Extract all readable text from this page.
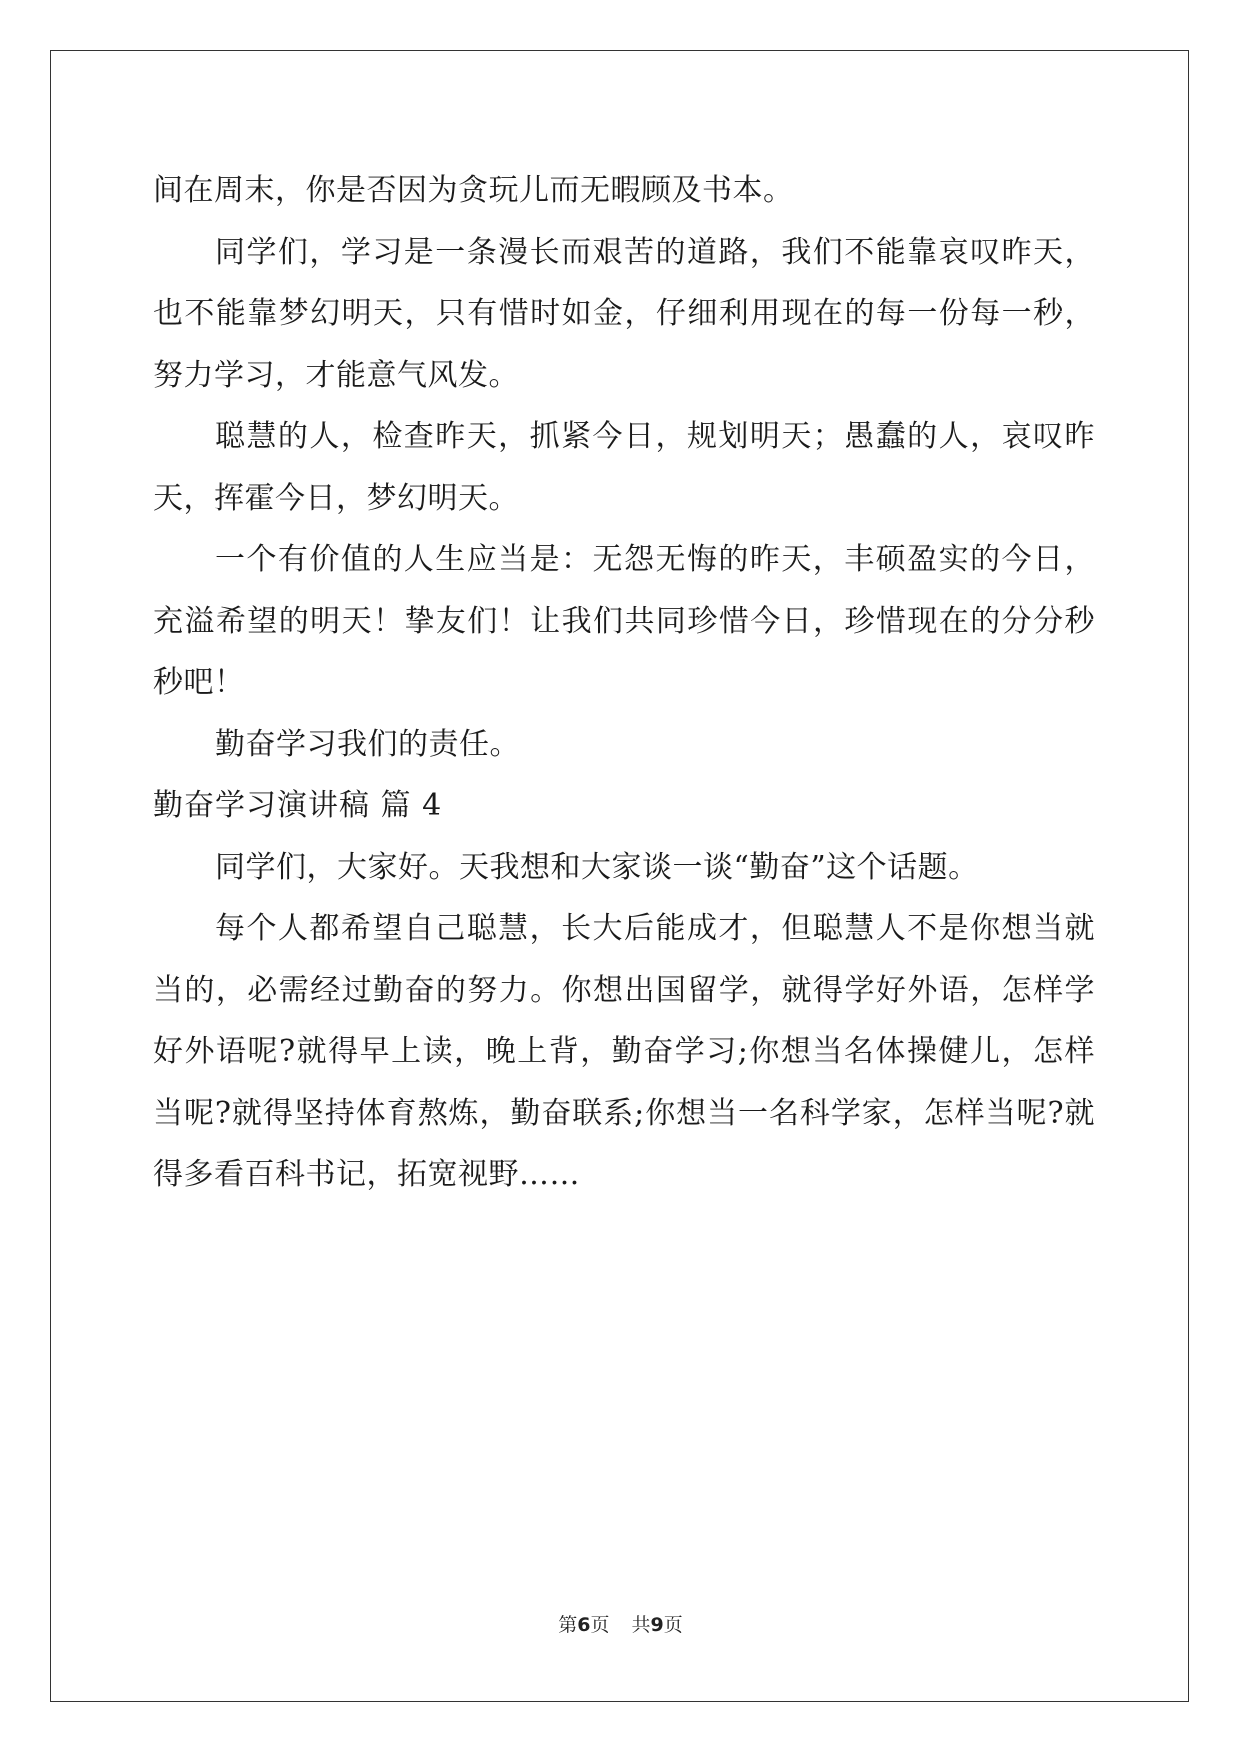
间在周末，你是否因为贪玩儿而无暇顾及书本。
同学们，学习是一条漫长而艰苦的道路，我们不能靠哀叹昨天，
也不能靠梦幻明天，只有惜时如金，仔细利用现在的每一份每一秒，
努力学习，才能意气风发。
聪慧的人，检查昨天，抓紧今日，规划明天；愚蠢的人，哀叹昨
天，挥霍今日，梦幻明天。
一个有价值的人生应当是：无怨无悔的昨天，丰硕盈实的今日，
充溢希望的明天！挚友们！让我们共同珍惜今日，珍惜现在的分分秒
秒吧！
勤奋学习我们的责任。
勤奋学习演讲稿 篇 4
同学们，大家好。天我想和大家谈一谈“勤奋”这个话题。
每个人都希望自己聪慧，长大后能成才，但聪慧人不是你想当就
当的，必需经过勤奋的努力。你想出国留学，就得学好外语，怎样学
好外语呢?就得早上读，晚上背，勤奋学习;你想当名体操健儿，怎样
当呢?就得坚持体育熬炼，勤奋联系;你想当一名科学家，怎样当呢?就
得多看百科书记，拓宽视野……
第6页 共9页
